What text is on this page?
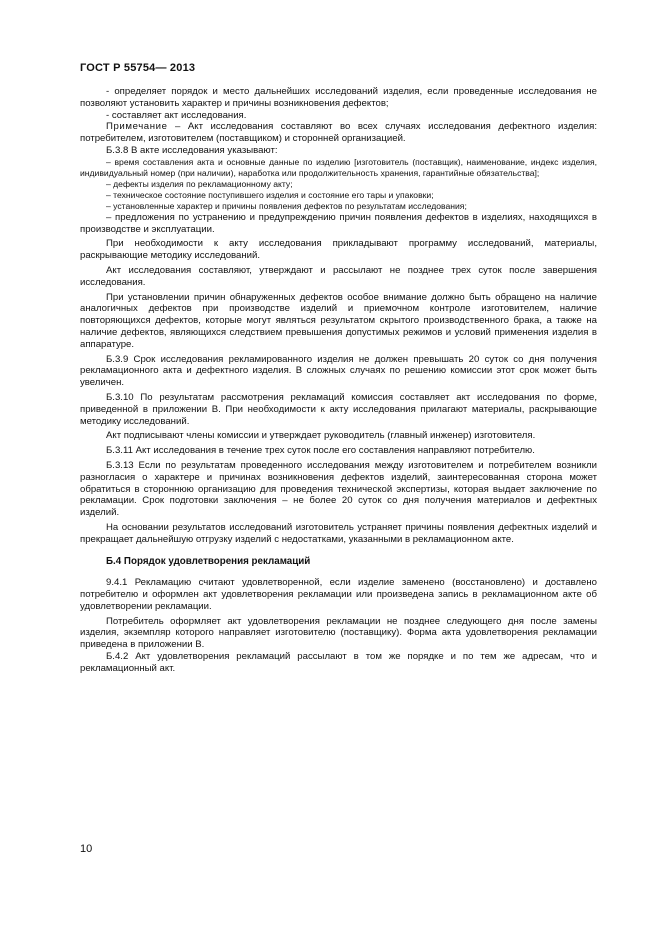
ГОСТ Р 55754— 2013

- определяет порядок и место дальнейших исследований изделия, если проведенные исследования не позволяют установить характер и причины возникновения дефектов;

- составляет акт исследования.

Примечание – Акт исследования составляют во всех случаях исследования дефектного изделия: потребителем, изготовителем (поставщиком) и сторонней организацией.

Б.3.8 В акте исследования указывают:

– время составления акта и основные данные по изделию [изготовитель (поставщик), наименование, индекс изделия, индивидуальный номер (при наличии), наработка или продолжительность хранения, гарантийные обязательства];

– дефекты изделия по рекламационному акту;

– техническое состояние поступившего изделия и состояние его тары и упаковки;

– установленные характер и причины появления дефектов по результатам исследования;

– предложения по устранению и предупреждению причин появления дефектов в изделиях, находящихся в производстве и эксплуатации.

При необходимости к акту исследования прикладывают программу исследований, материалы, раскрывающие методику исследований.

Акт исследования составляют, утверждают и рассылают не позднее трех суток после завершения исследования.

При установлении причин обнаруженных дефектов особое внимание должно быть обращено на наличие аналогичных дефектов при производстве изделий и приемочном контроле изготовителем, наличие повторяющихся дефектов, которые могут являться результатом скрытого производственного брака, а также на наличие дефектов, являющихся следствием превышения допустимых режимов и условий применения изделия в аппаратуре.

Б.3.9 Срок исследования рекламированного изделия не должен превышать 20 суток со дня получения рекламационного акта и дефектного изделия. В сложных случаях по решению комиссии этот срок может быть увеличен.

Б.3.10 По результатам рассмотрения рекламаций комиссия составляет акт исследования по форме, приведенной в приложении В. При необходимости к акту исследования прилагают материалы, раскрывающие методику исследований.

Акт подписывают члены комиссии и утверждает руководитель (главный инженер) изготовителя.

Б.3.11 Акт исследования в течение трех суток после его составления направляют потребителю.

Б.3.13 Если по результатам проведенного исследования между изготовителем и потребителем возникли разногласия о характере и причинах возникновения дефектов изделий, заинтересованная сторона может обратиться в стороннюю организацию для проведения технической экспертизы, которая выдает заключение по рекламации. Срок подготовки заключения – не более 20 суток со дня получения материалов и дефектных изделий.

На основании результатов исследований изготовитель устраняет причины появления дефектных изделий и прекращает дальнейшую отгрузку изделий с недостатками, указанными в рекламационном акте.

Б.4 Порядок удовлетворения рекламаций

9.4.1 Рекламацию считают удовлетворенной, если изделие заменено (восстановлено) и доставлено потребителю и оформлен акт удовлетворения рекламации или произведена запись в рекламационном акте об удовлетворении рекламации.

Потребитель оформляет акт удовлетворения рекламации не позднее следующего дня после замены изделия, экземпляр которого направляет изготовителю (поставщику). Форма акта удовлетворения рекламации приведена в приложении В.

Б.4.2 Акт удовлетворения рекламаций рассылают в том же порядке и по тем же адресам, что и рекламационный акт.

10
